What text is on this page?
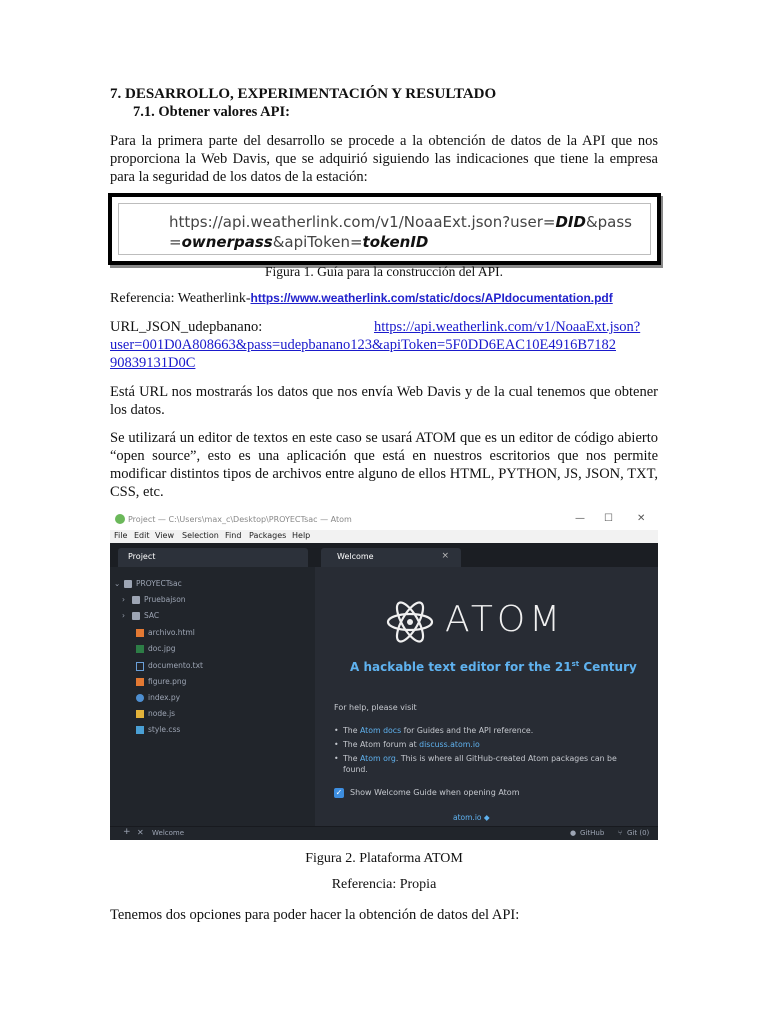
7. DESARROLLO, EXPERIMENTACIÓN Y RESULTADO
7.1. Obtener valores API:
Para la primera parte del desarrollo se procede a la obtención de datos de la API que nos proporciona la Web Davis, que se adquirió siguiendo las indicaciones que tiene la empresa para la seguridad de los datos de la estación:
https://api.weatherlink.com/v1/NoaaExt.json?user=DID&pass
=ownerpass&apiToken=tokenID
Figura 1. Guía para la construcción del API.
Referencia: Weatherlink-https://www.weatherlink.com/static/docs/APIdocumentation.pdf
URL_JSON_udepbanano:	https://api.weatherlink.com/v1/NoaaExt.json?
user=001D0A808663&pass=udepbanano123&apiToken=5F0DD6EAC10E4916B7182
90839131D0C
Está URL nos mostrarás los datos que nos envía Web Davis y de la cual tenemos que obtener los datos.
Se utilizará un editor de textos en este caso se usará ATOM que es un editor de código abierto “open source”, esto es una aplicación que está en nuestros escritorios que nos permite modificar distintos tipos de archivos entre alguno de ellos HTML, PYTHON, JS, JSON, TXT, CSS, etc.
Project — C:\Users\max_c\Desktop\PROYECTsac — Atom	— ☐ ✕
File Edit View Selection Find Packages Help
Project
⌄ PROYECTsac
›	Pruebajson
›	SAC
archivo.html
doc.jpg
documento.txt
figure.png
index.py
node.js
style.css
Welcome	×
ATOM
A hackable text editor for the 21st Century
For help, please visit
• The Atom docs for Guides and the API reference.
• The Atom forum at discuss.atom.io
• The Atom org. This is where all GitHub-created Atom packages can be found.
✓ Show Welcome Guide when opening Atom
atom.io ◆
+ ✕ Welcome	● GitHub ⑂ Git (0)
Figura 2. Plataforma ATOM
Referencia: Propia
Tenemos dos opciones para poder hacer la obtención de datos del API:
